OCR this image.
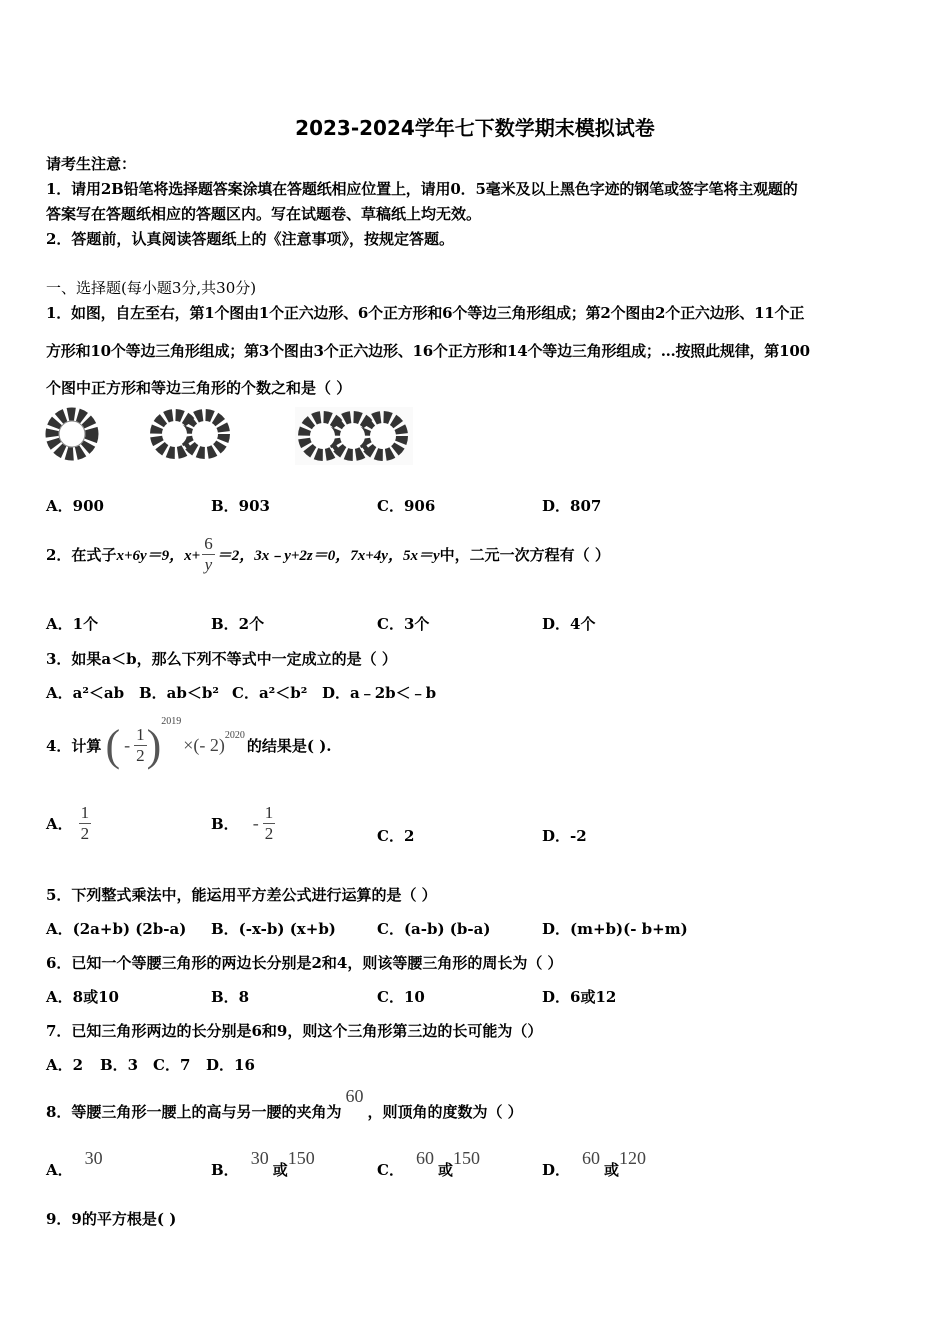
2023-2024学年七下数学期末模拟试卷
请考生注意：
1．请用2B铅笔将选择题答案涂填在答题纸相应位置上，请用0．5毫米及以上黑色字迹的钢笔或签字笔将主观题的
答案写在答题纸相应的答题区内。写在试题卷、草稿纸上均无效。
2．答题前，认真阅读答题纸上的《注意事项》，按规定答题。
一、选择题(每小题3分,共30分)
1．如图，自左至右，第1个图由1个正六边形、6个正方形和6个等边三角形组成；第2个图由2个正六边形、11个正
方形和10个等边三角形组成；第3个图由3个正六边形、16个正方形和14个等边三角形组成；…按照此规律，第100
个图中正方形和等边三角形的个数之和是（ ）
A．900	B．903	C．906	D．807
2．在式子 x+6y＝9，$x+ \frac{6}{y} =2$，3x﹣y+2z＝0，7x+4y，5x＝y 中，二元一次方程有（ ）
A．1个	B．2个	C．3个	D．4个
3．如果a＜b，那么下列不等式中一定成立的是（ ）
A．a²＜ab B．ab＜b² C．a²＜b² D．a﹣2b＜﹣b
4．计算 ( - $\frac{1}{2}$ ) 2019
×(- 2) 2020
的结果是( ).
A． $\frac{1}{2}$	B． - $\frac{1}{2}$	C．2	D．-2
5．下列整式乘法中，能运用平方差公式进行运算的是（ ）
A．(2a+b) (2b-a) B．(-x-b) (x+b)	C．(a-b) (b-a)	D．(m+b)(- b+m)
6．已知一个等腰三角形的两边长分别是2和4，则该等腰三角形的周长为（ ）
A．8或10	B．8	C．10	D．6或12
7．已知三角形两边的长分别是6和9，则这个三角形第三边的长可能为（）
A．2 B．3 C．7 D．16
8．等腰三角形一腰上的高与另一腰的夹角为
60
，则顶角的度数为（ ）
A．
30
B．
30
或
150
C．
60
或
150
D．
60
或
120
9．9的平方根是( )
